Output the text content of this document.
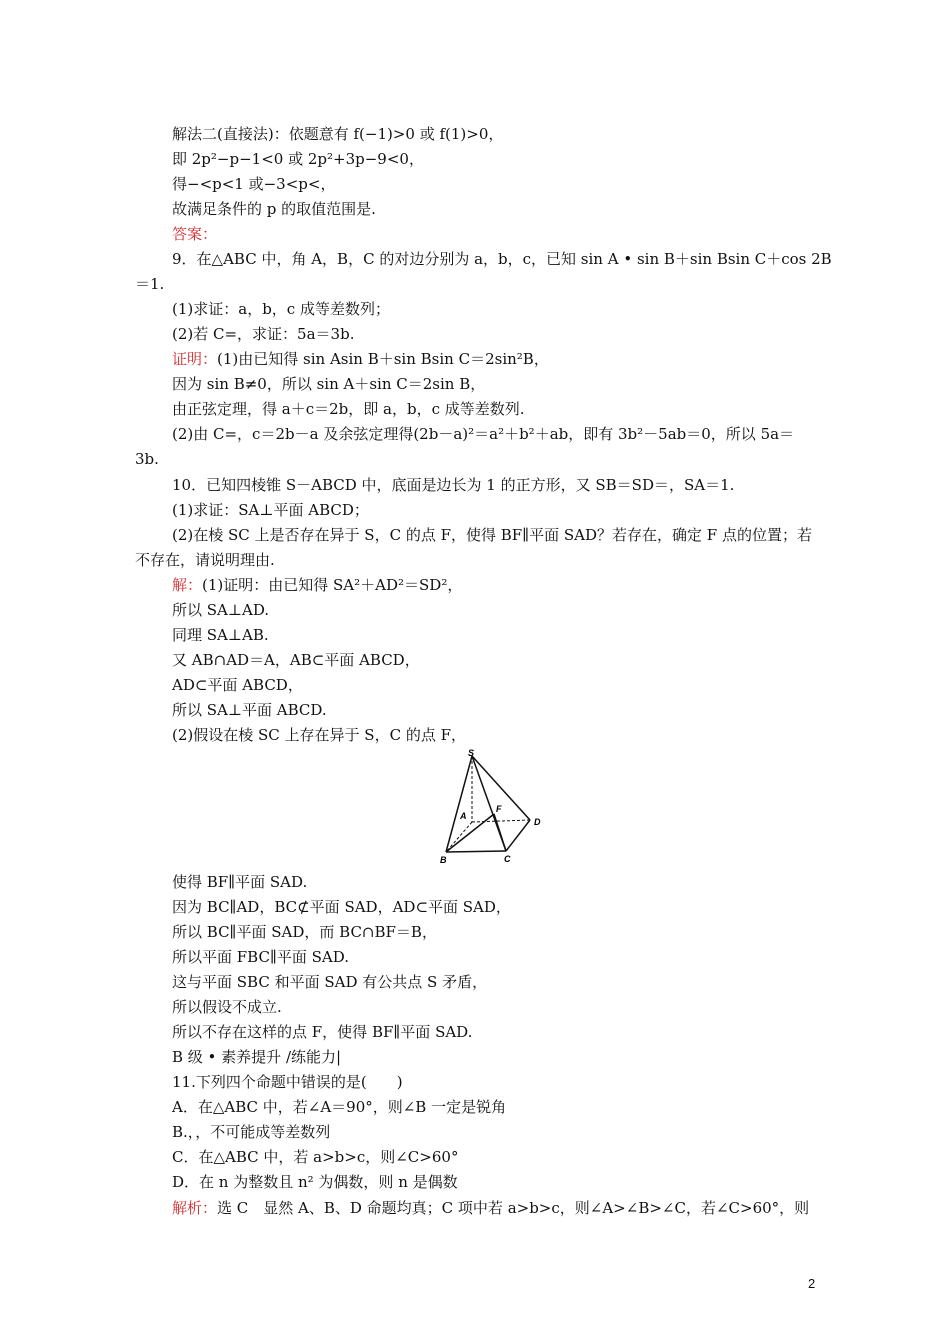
解法二(直接法)：依题意有 f(−1)>0 或 f(1)>0，
即 2p²−p−1<0 或 2p²+3p−9<0，
得−<p<1 或−3<p<，
故满足条件的 p 的取值范围是.
答案：
9．在△ABC 中，角 A，B，C 的对边分别为 a，b，c，已知 sin A • sin B＋sin Bsin C＋cos 2B
＝1.
(1)求证：a，b，c 成等差数列；
(2)若 C=，求证：5a＝3b.
证明：(1)由已知得 sin Asin B＋sin Bsin C＝2sin²B，
因为 sin B≠0，所以 sin A＋sin C＝2sin B，
由正弦定理，得 a＋c＝2b，即 a，b，c 成等差数列.
(2)由 C=，c＝2b－a 及余弦定理得(2b－a)²＝a²＋b²＋ab，即有 3b²－5ab＝0，所以 5a＝
3b.
10．已知四棱锥 S－ABCD 中，底面是边长为 1 的正方形，又 SB＝SD＝，SA＝1.
(1)求证：SA⊥平面 ABCD；
(2)在棱 SC 上是否存在异于 S，C 的点 F，使得 BF∥平面 SAD？若存在，确定 F 点的位置；若
不存在，请说明理由.
解：(1)证明：由已知得 SA²＋AD²＝SD²，
所以 SA⊥AD.
同理 SA⊥AB.
又 AB∩AD＝A，AB⊂平面 ABCD，
AD⊂平面 ABCD，
所以 SA⊥平面 ABCD.
(2)假设在棱 SC 上存在异于 S，C 的点 F，
S
A
F
D
B	C
使得 BF∥平面 SAD.
因为 BC∥AD，BC⊄平面 SAD，AD⊂平面 SAD，
所以 BC∥平面 SAD，而 BC∩BF＝B，
所以平面 FBC∥平面 SAD.
这与平面 SBC 和平面 SAD 有公共点 S 矛盾，
所以假设不成立.
所以不存在这样的点 F，使得 BF∥平面 SAD.
B 级 • 素养提升 /练能力|
11.下列四个命题中错误的是(　　)
A．在△ABC 中，若∠A＝90°，则∠B 一定是锐角
B.，，不可能成等差数列
C．在△ABC 中，若 a>b>c，则∠C>60°
D．在 n 为整数且 n² 为偶数，则 n 是偶数
解析：选 C　显然 A、B、D 命题均真；C 项中若 a>b>c，则∠A>∠B>∠C，若∠C>60°，则
2
